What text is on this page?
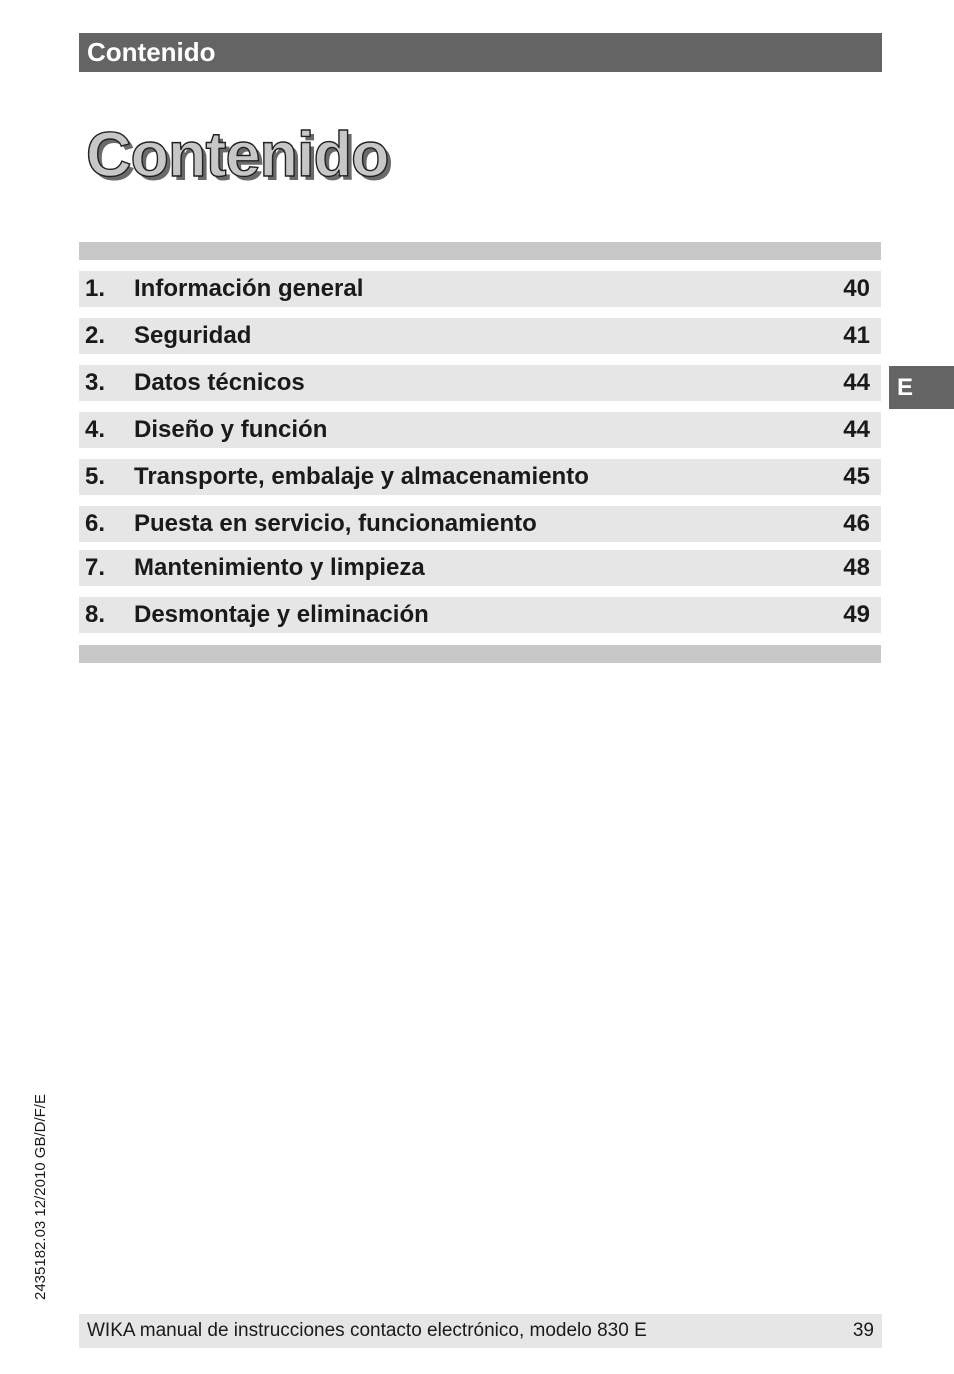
Contenido
Contenido
1. Información general	40
2. Seguridad	41
3. Datos técnicos	44
4. Diseño y función	44
5. Transporte, embalaje y almacenamiento	45
6. Puesta en servicio, funcionamiento	46
7. Mantenimiento y limpieza	48
8. Desmontaje y eliminación	49
E
2435182.03 12/2010 GB/D/F/E
WIKA manual de instrucciones contacto electrónico, modelo 830 E	39
